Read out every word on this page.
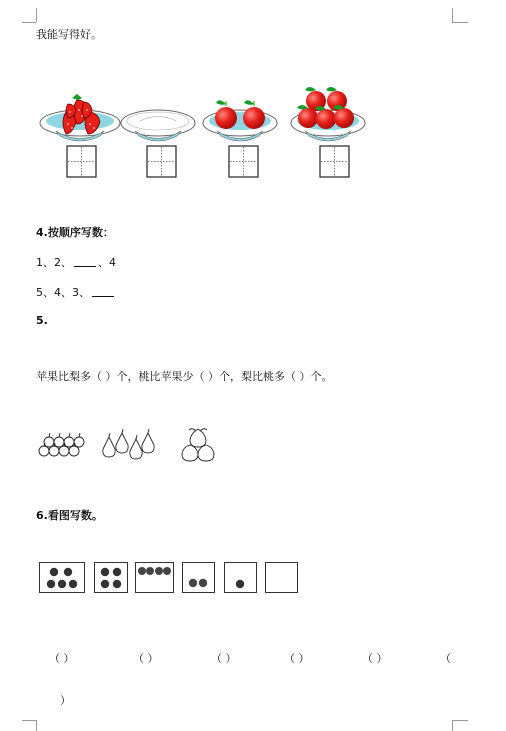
我能写得好。
4.按顺序写数：
1、2、 、4
5、4、3、
5.
苹果比梨多（ ）个，桃比苹果少（ ）个，梨比桃多（ ）个。
6.看图写数。
（ ）	（ ）	（ ）	（ ）	（ ）	（
）
